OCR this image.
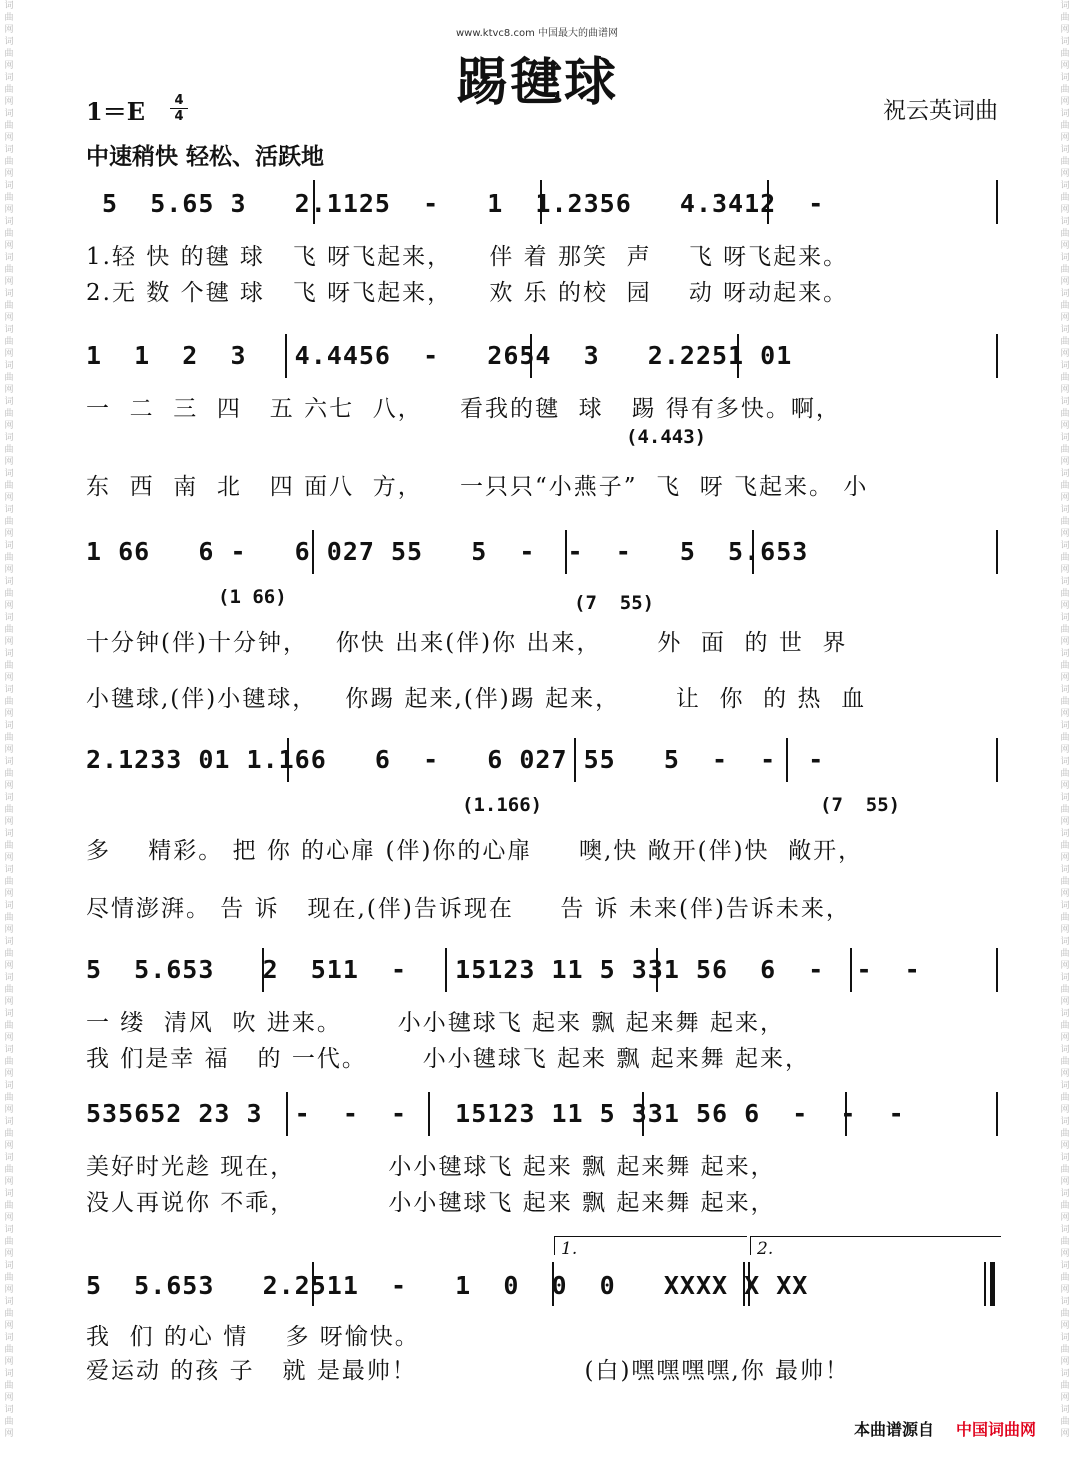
词曲网词曲网词曲网词曲网词曲网词曲网词曲网词曲网词曲网词曲网词曲网词曲网词曲网词曲网词曲网词曲网词曲网词曲网词曲网词曲网词曲网词曲网词曲网词曲网词曲网词曲网词曲网词曲网词曲网词曲网词曲网词曲网词曲网词曲网词曲网词曲网词曲网词曲网词曲网词曲网
词曲网词曲网词曲网词曲网词曲网词曲网词曲网词曲网词曲网词曲网词曲网词曲网词曲网词曲网词曲网词曲网词曲网词曲网词曲网词曲网词曲网词曲网词曲网词曲网词曲网词曲网词曲网词曲网词曲网词曲网词曲网词曲网词曲网词曲网词曲网词曲网词曲网词曲网词曲网词曲网
www.ktvc8.com 中国最大的曲谱网
踢毽球
1＝E	4
4	祝云英词曲
中速稍快 轻松、活跃地
5  5.65 3   2.1125  -   1  1.2356   4.3412  -
1.轻 快 的毽 球   飞 呀飞起来，    伴 着 那笑  声    飞 呀飞起来。
2.无 数 个毽 球   飞 呀飞起来，    欢 乐 的校  园    动 呀动起来。
1  1  2  3   4.4456  -   2654  3   2.2251 01
一  二  三  四   五 六七  八，    看我的毽  球   踢 得有多快。啊，
(4.443)
东  西  南  北   四 面八  方，    一只只“小燕子”  飞  呀 飞起来。 小
1 66   6 -   6 027 55   5  -  -  -   5  5.653
(1 66)	(7  55)
十分钟(伴)十分钟，   你快 出来(伴)你 出来，      外  面  的 世  界
小毽球,(伴)小毽球，   你踢 起来,(伴)踢 起来，      让  你  的 热  血
2.1233 01 1.166   6  -   6 027 55   5  -  -  -
(1.166)	(7  55)
多    精彩。 把 你 的心扉 (伴)你的心扉     噢,快 敞开(伴)快  敞开，
尽情澎湃。 告 诉   现在,(伴)告诉现在     告 诉 未来(伴)告诉未来，
5  5.653   2  511  -   15123 11 5 331 56  6  -  -  -
一 缕  清风  吹 进来。      小小毽球飞 起来 飘 起来舞 起来，
我 们是幸 福   的 一代。      小小毽球飞 起来 飘 起来舞 起来，
535652 23 3  -  -  -   15123 11 5 331 56 6  -  -  -
美好时光趁 现在，          小小毽球飞 起来 飘 起来舞 起来，
没人再说你 不乖，          小小毽球飞 起来 飘 起来舞 起来，
1.	2.
5  5.653   2.2511  -   1  0  0  0   XXXX X XX
我  们 的心 情    多 呀愉快。
爱运动 的孩 子   就 是最帅！                  (白)嘿嘿嘿嘿,你 最帅！
本曲谱源自 中国词曲网
